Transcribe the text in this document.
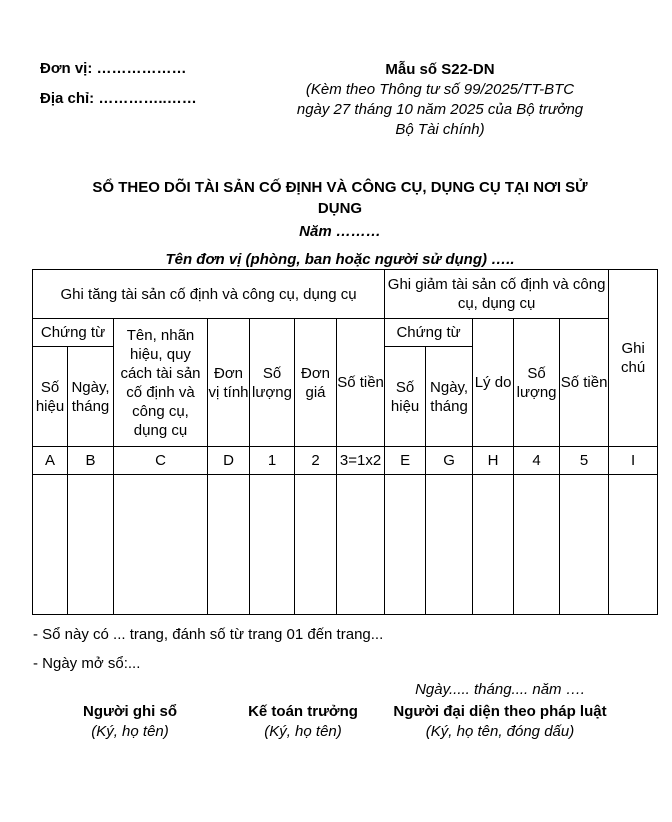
Đơn vị: ………………
Địa chỉ: …………..……
Mẫu số S22-DN
(Kèm theo Thông tư số 99/2025/TT-BTC
ngày 27 tháng 10 năm 2025 của Bộ trưởng
Bộ Tài chính)
SỔ THEO DÕI TÀI SẢN CỐ ĐỊNH VÀ CÔNG CỤ, DỤNG CỤ TẠI NƠI SỬ
DỤNG
Năm ………
Tên đơn vị (phòng, ban hoặc người sử dụng) …..
Ghi tăng tài sản cố định và công cụ, dụng cụ							Ghi giảm tài sản cố định và công cụ, dụng cụ					Ghi chú
Chứng từ		Tên, nhãn hiệu, quy cách tài sản cố định và công cụ, dụng cụ	Đơn vị tính	Số lượng	Đơn giá	Số tiền	Chứng từ		Lý do	Số lượng	Số tiền	
Số hiệu	Ngày, tháng						Số hiệu	Ngày, tháng				
A	B	C	D	1	2	3=1x2	E	G	H	4	5	I

- Sổ này có ... trang, đánh số từ trang 01 đến trang...
- Ngày mở sổ:...
Ngày..... tháng.... năm ….
Người ghi sổ
(Ký, họ tên)
Kế toán trưởng
(Ký, họ tên)
Người đại diện theo pháp luật
(Ký, họ tên, đóng dấu)
